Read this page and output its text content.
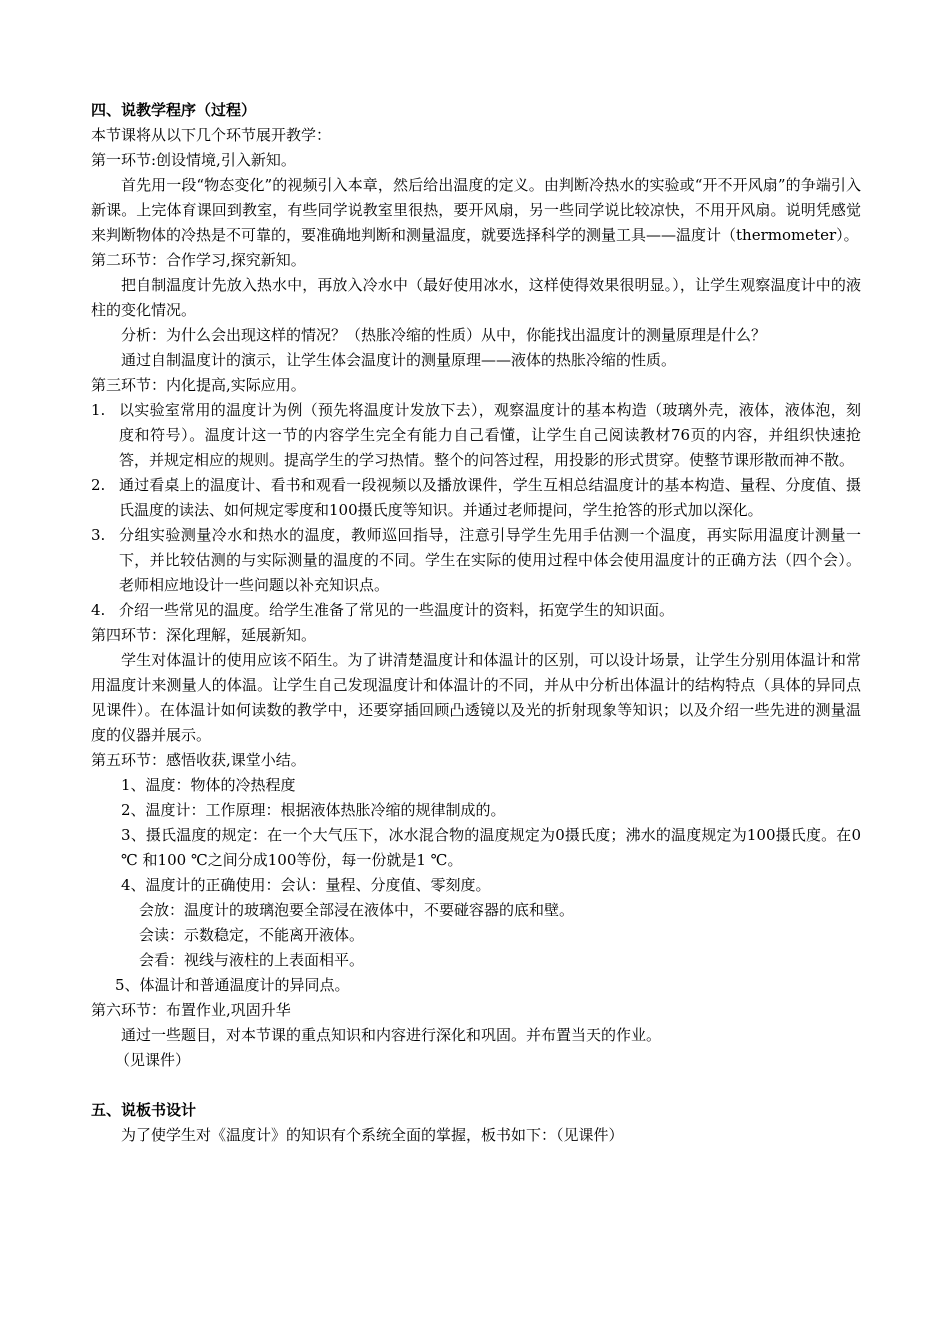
四、说教学程序（过程）
本节课将从以下几个环节展开教学：
第一环节:创设情境,引入新知。
首先用一段“物态变化”的视频引入本章，然后给出温度的定义。由判断冷热水的实验或“开不开风扇”的争端引入新课。上完体育课回到教室，有些同学说教室里很热，要开风扇，另一些同学说比较凉快，不用开风扇。说明凭感觉来判断物体的冷热是不可靠的，要准确地判断和测量温度，就要选择科学的测量工具——温度计（thermometer）。
第二环节：合作学习,探究新知。
把自制温度计先放入热水中，再放入冷水中（最好使用冰水，这样使得效果很明显。），让学生观察温度计中的液柱的变化情况。
分析：为什么会出现这样的情况？（热胀冷缩的性质）从中，你能找出温度计的测量原理是什么？
通过自制温度计的演示，让学生体会温度计的测量原理——液体的热胀冷缩的性质。
第三环节：内化提高,实际应用。
1. 以实验室常用的温度计为例（预先将温度计发放下去），观察温度计的基本构造（玻璃外壳，液体，液体泡，刻度和符号）。温度计这一节的内容学生完全有能力自己看懂，让学生自己阅读教材76页的内容，并组织快速抢答，并规定相应的规则。提高学生的学习热情。整个的问答过程，用投影的形式贯穿。使整节课形散而神不散。
2. 通过看桌上的温度计、看书和观看一段视频以及播放课件，学生互相总结温度计的基本构造、量程、分度值、摄氏温度的读法、如何规定零度和100摄氏度等知识。并通过老师提问，学生抢答的形式加以深化。
3. 分组实验测量冷水和热水的温度，教师巡回指导，注意引导学生先用手估测一个温度，再实际用温度计测量一下，并比较估测的与实际测量的温度的不同。学生在实际的使用过程中体会使用温度计的正确方法（四个会）。老师相应地设计一些问题以补充知识点。
4. 介绍一些常见的温度。给学生准备了常见的一些温度计的资料，拓宽学生的知识面。
第四环节：深化理解，延展新知。
学生对体温计的使用应该不陌生。为了讲清楚温度计和体温计的区别，可以设计场景，让学生分别用体温计和常用温度计来测量人的体温。让学生自己发现温度计和体温计的不同，并从中分析出体温计的结构特点（具体的异同点见课件）。在体温计如何读数的教学中，还要穿插回顾凸透镜以及光的折射现象等知识；以及介绍一些先进的测量温度的仪器并展示。
第五环节：感悟收获,课堂小结。
1、温度：物体的冷热程度
2、温度计：工作原理：根据液体热胀冷缩的规律制成的。
3、摄氏温度的规定：在一个大气压下，冰水混合物的温度规定为0摄氏度；沸水的温度规定为100摄氏度。在0 ℃ 和100 ℃之间分成100等份，每一份就是1 ℃。
4、温度计的正确使用：会认：量程、分度值、零刻度。
会放：温度计的玻璃泡要全部浸在液体中，不要碰容器的底和壁。
会读：示数稳定，不能离开液体。
会看：视线与液柱的上表面相平。
5、体温计和普通温度计的异同点。
第六环节：布置作业,巩固升华
通过一些题目，对本节课的重点知识和内容进行深化和巩固。并布置当天的作业。
（见课件）
五、说板书设计
为了使学生对《温度计》的知识有个系统全面的掌握，板书如下：（见课件）
